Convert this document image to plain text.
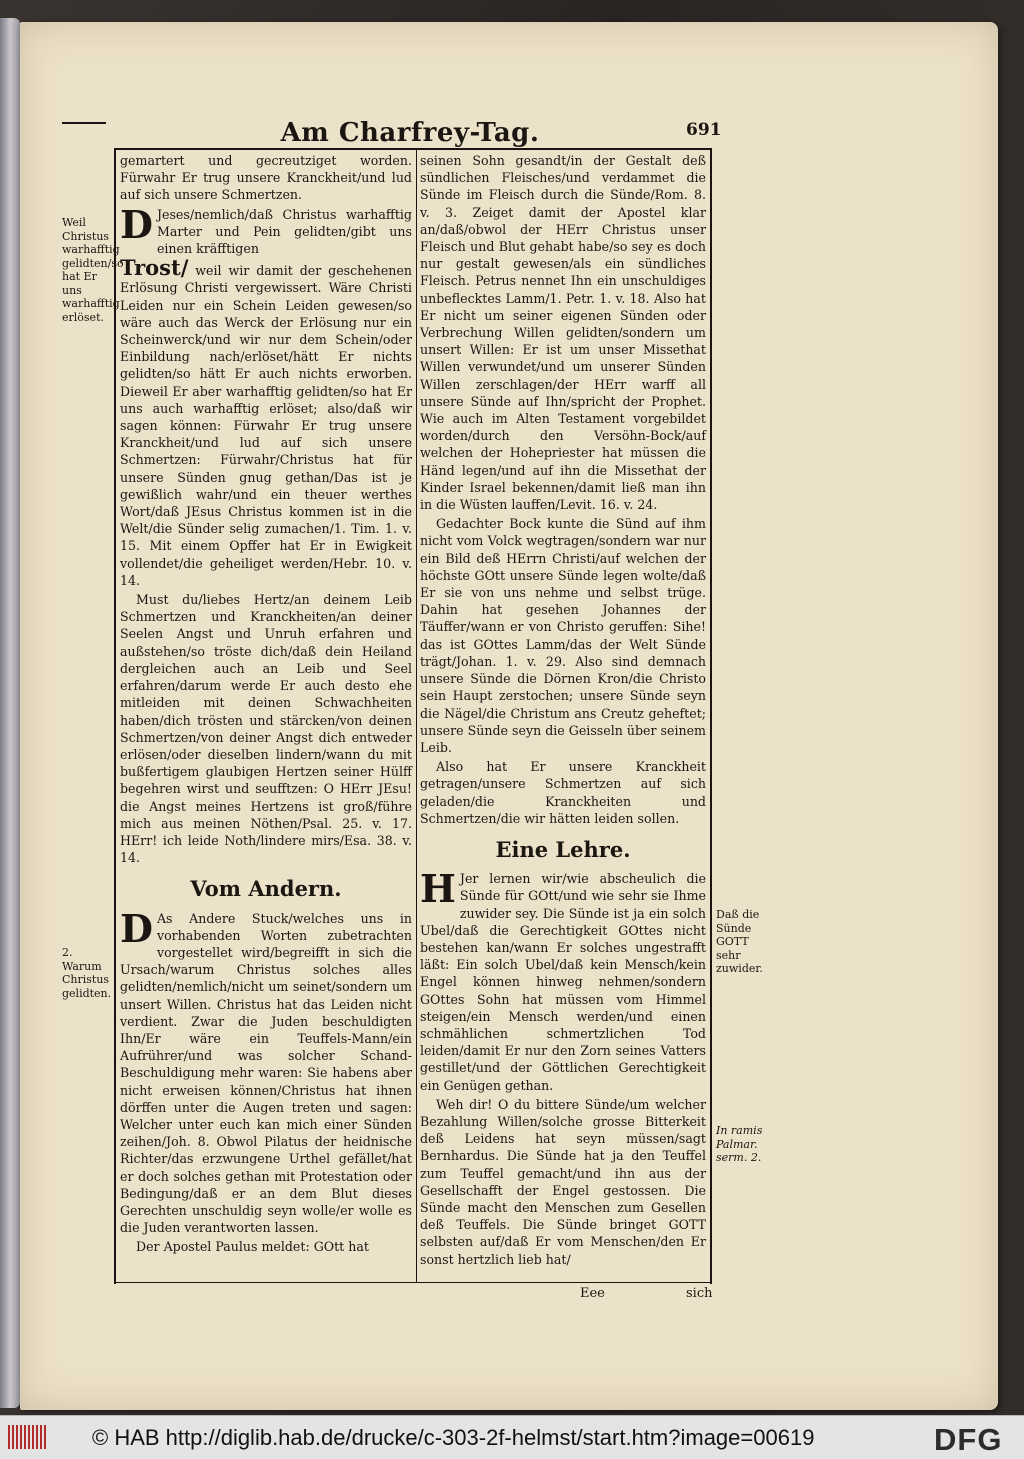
Am Charfrey-Tag.	691
Weil Christus warhafftig gelidten/so hat Er uns warhafftig erlöset.
2. Warum Christus gelidten.
Daß die Sünde GOTT sehr zuwider.
In ramis Palmar. serm. 2.

gemartert und gecreutziget worden. Fürwahr Er trug unsere Kranckheit/und lud auf sich unsere Schmertzen.

D Jeses/nemlich/daß Christus warhafftig Marter und Pein gelidten/gibt uns einen kräfftigen

Trost/ weil wir damit der geschehenen Erlösung Christi vergewissert. Wäre Christi Leiden nur ein Schein Leiden gewesen/so wäre auch das Werck der Erlösung nur ein Scheinwerck/und wir nur dem Schein/oder Einbildung nach/erlöset/hätt Er nichts gelidten/so hätt Er auch nichts erworben. Dieweil Er aber warhafftig gelidten/so hat Er uns auch warhafftig erlöset; also/daß wir sagen können: Fürwahr Er trug unsere Kranckheit/und lud auf sich unsere Schmertzen: Fürwahr/Christus hat für unsere Sünden gnug gethan/Das ist je gewißlich wahr/und ein theuer werthes Wort/daß JEsus Christus kommen ist in die Welt/die Sünder selig zumachen/1. Tim. 1. v. 15. Mit einem Opffer hat Er in Ewigkeit vollendet/die geheiliget werden/Hebr. 10. v. 14.

Must du/liebes Hertz/an deinem Leib Schmertzen und Kranckheiten/an deiner Seelen Angst und Unruh erfahren und außstehen/so tröste dich/daß dein Heiland dergleichen auch an Leib und Seel erfahren/darum werde Er auch desto ehe mitleiden mit deinen Schwachheiten haben/dich trösten und stärcken/von deinen Schmertzen/von deiner Angst dich entweder erlösen/oder dieselben lindern/wann du mit bußfertigem glaubigen Hertzen seiner Hülff begehren wirst und seufftzen: O HErr JEsu! die Angst meines Hertzens ist groß/führe mich aus meinen Nöthen/Psal. 25. v. 17. HErr! ich leide Noth/lindere mirs/Esa. 38. v. 14.

Vom Andern.

D As Andere Stuck/welches uns in vorhabenden Worten zubetrachten vorgestellet wird/begreifft in sich die Ursach/warum Christus solches alles gelidten/nemlich/nicht um seinet/sondern um unsert Willen. Christus hat das Leiden nicht verdient. Zwar die Juden beschuldigten Ihn/Er wäre ein Teuffels-Mann/ein Aufrührer/und was solcher Schand-Beschuldigung mehr waren: Sie habens aber nicht erweisen können/Christus hat ihnen dörffen unter die Augen treten und sagen: Welcher unter euch kan mich einer Sünden zeihen/Joh. 8. Obwol Pilatus der heidnische Richter/das erzwungene Urthel gefället/hat er doch solches gethan mit Protestation oder Bedingung/daß er an dem Blut dieses Gerechten unschuldig seyn wolle/er wolle es die Juden verantworten lassen.

Der Apostel Paulus meldet: GOtt hat

seinen Sohn gesandt/in der Gestalt deß sündlichen Fleisches/und verdammet die Sünde im Fleisch durch die Sünde/Rom. 8. v. 3. Zeiget damit der Apostel klar an/daß/obwol der HErr Christus unser Fleisch und Blut gehabt habe/so sey es doch nur gestalt gewesen/als ein sündliches Fleisch. Petrus nennet Ihn ein unschuldiges unbeflecktes Lamm/1. Petr. 1. v. 18. Also hat Er nicht um seiner eigenen Sünden oder Verbrechung Willen gelidten/sondern um unsert Willen: Er ist um unser Missethat Willen verwundet/und um unserer Sünden Willen zerschlagen/der HErr warff all unsere Sünde auf Ihn/spricht der Prophet. Wie auch im Alten Testament vorgebildet worden/durch den Versöhn-Bock/auf welchen der Hohepriester hat müssen die Händ legen/und auf ihn die Missethat der Kinder Israel bekennen/damit ließ man ihn in die Wüsten lauffen/Levit. 16. v. 24.

Gedachter Bock kunte die Sünd auf ihm nicht vom Volck wegtragen/sondern war nur ein Bild deß HErrn Christi/auf welchen der höchste GOtt unsere Sünde legen wolte/daß Er sie von uns nehme und selbst trüge. Dahin hat gesehen Johannes der Täuffer/wann er von Christo geruffen: Sihe! das ist GOttes Lamm/das der Welt Sünde trägt/Johan. 1. v. 29. Also sind demnach unsere Sünde die Dörnen Kron/die Christo sein Haupt zerstochen; unsere Sünde seyn die Nägel/die Christum ans Creutz geheftet; unsere Sünde seyn die Geisseln über seinem Leib.

Also hat Er unsere Kranckheit getragen/unsere Schmertzen auf sich geladen/die Kranckheiten und Schmertzen/die wir hätten leiden sollen.

Eine Lehre.

H Jer lernen wir/wie abscheulich die Sünde für GOtt/und wie sehr sie Ihme zuwider sey. Die Sünde ist ja ein solch Ubel/daß die Gerechtigkeit GOttes nicht bestehen kan/wann Er solches ungestrafft läßt: Ein solch Ubel/daß kein Mensch/kein Engel können hinweg nehmen/sondern GOttes Sohn hat müssen vom Himmel steigen/ein Mensch werden/und einen schmählichen schmertzlichen Tod leiden/damit Er nur den Zorn seines Vatters gestillet/und der Göttlichen Gerechtigkeit ein Genügen gethan.

Weh dir! O du bittere Sünde/um welcher Bezahlung Willen/solche grosse Bitterkeit deß Leidens hat seyn müssen/sagt Bernhardus. Die Sünde hat ja den Teuffel zum Teuffel gemacht/und ihn aus der Gesellschafft der Engel gestossen. Die Sünde macht den Menschen zum Gesellen deß Teuffels. Die Sünde bringet GOTT selbsten auf/daß Er vom Menschen/den Er sonst hertzlich lieb hat/

Eee	sich
© HAB http://diglib.hab.de/drucke/c-303-2f-helmst/start.htm?image=00619	DFG
